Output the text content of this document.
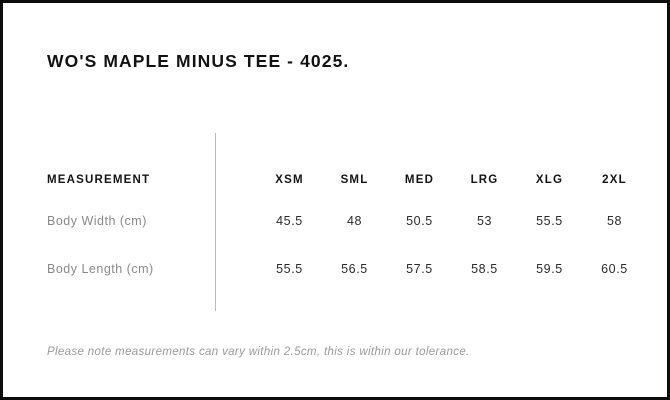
WO'S MAPLE MINUS TEE - 4025.
MEASUREMENT	XSM	SML	MED	LRG	XLG	2XL
Body Width (cm)	45.5	48	50.5	53	55.5	58
Body Length (cm)	55.5	56.5	57.5	58.5	59.5	60.5
Please note measurements can vary within 2.5cm, this is within our tolerance.
